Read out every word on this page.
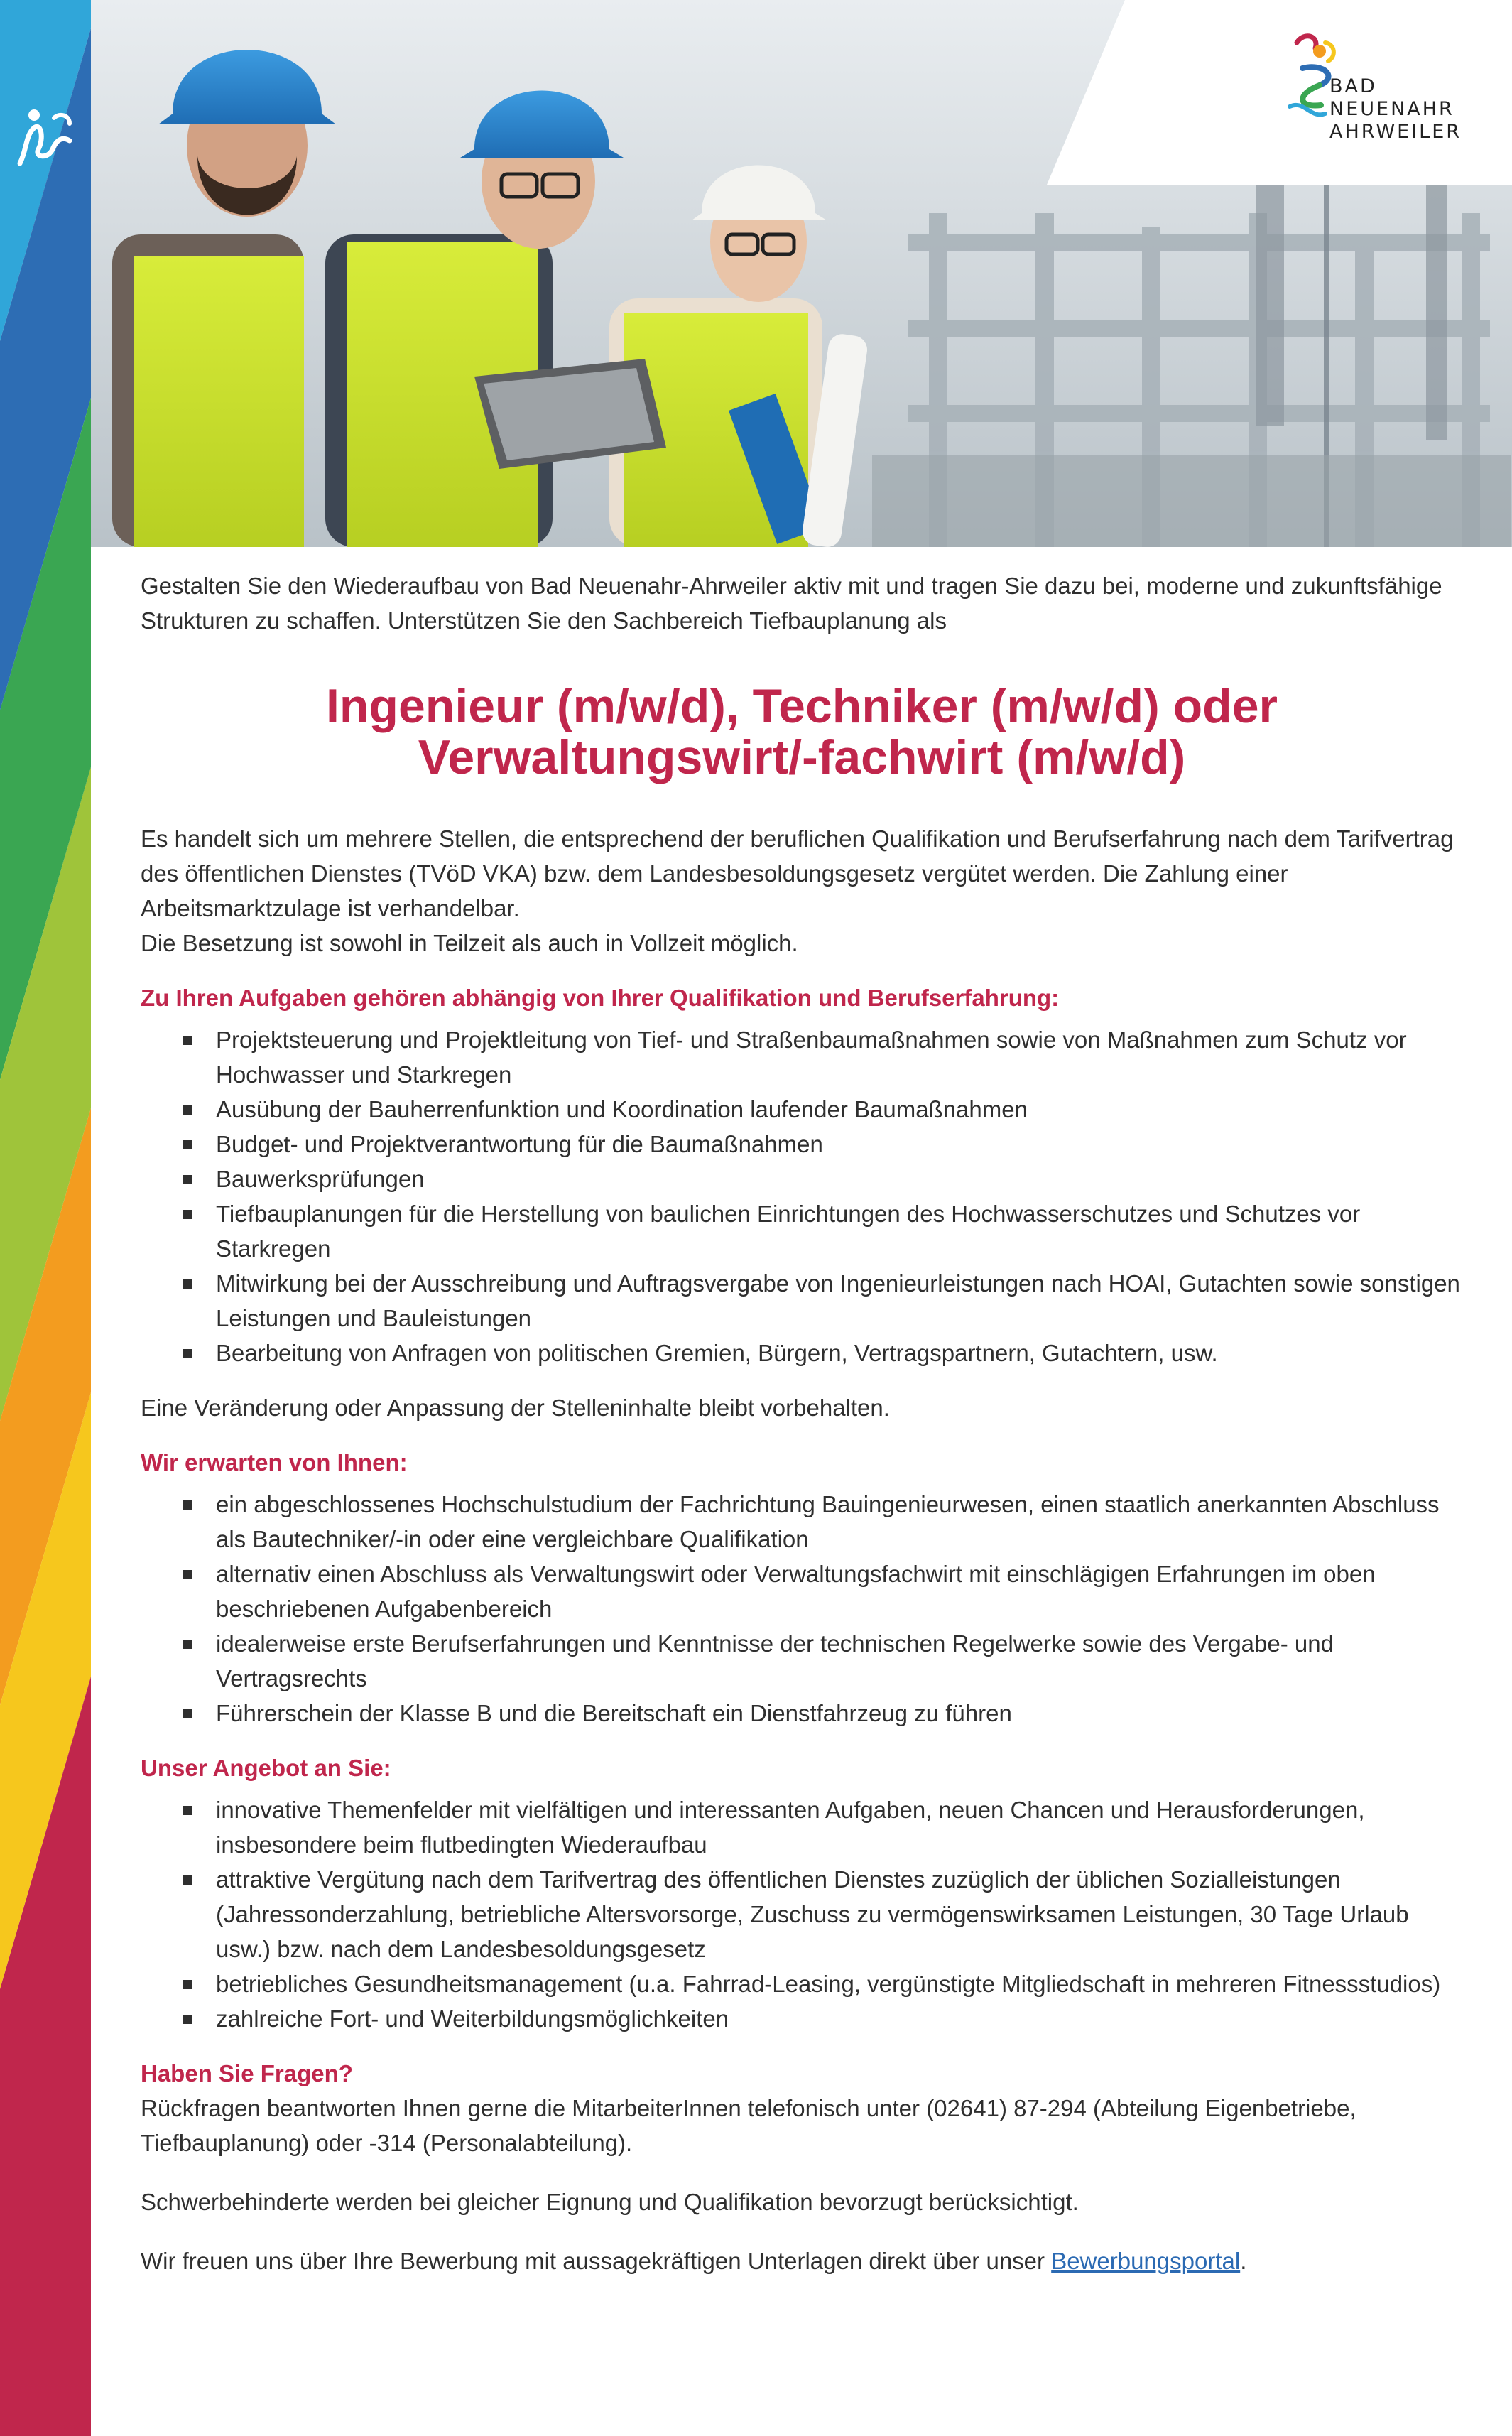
BAD
NEUENAHR
AHRWEILER

Gestalten Sie den Wiederaufbau von Bad Neuenahr-Ahrweiler aktiv mit und tragen Sie dazu bei, moderne und zukunftsfähige Strukturen zu schaffen. Unterstützen Sie den Sachbereich Tiefbauplanung als

Ingenieur (m/w/d), Techniker (m/w/d) oder
Verwaltungswirt/-fachwirt (m/w/d)

Es handelt sich um mehrere Stellen, die entsprechend der beruflichen Qualifikation und Berufserfahrung nach dem Tarifvertrag des öffentlichen Dienstes (TVöD VKA) bzw. dem Landesbesoldungsgesetz vergütet werden. Die Zahlung einer Arbeitsmarktzulage ist verhandelbar.

Die Besetzung ist sowohl in Teilzeit als auch in Vollzeit möglich.

Zu Ihren Aufgaben gehören abhängig von Ihrer Qualifikation und Berufserfahrung:

Projektsteuerung und Projektleitung von Tief- und Straßenbaumaßnahmen sowie von Maßnahmen zum Schutz vor Hochwasser und Starkregen
Ausübung der Bauherrenfunktion und Koordination laufender Baumaßnahmen
Budget- und Projektverantwortung für die Baumaßnahmen
Bauwerksprüfungen
Tiefbauplanungen für die Herstellung von baulichen Einrichtungen des Hochwasserschutzes und Schutzes vor Starkregen
Mitwirkung bei der Ausschreibung und Auftragsvergabe von Ingenieurleistungen nach HOAI, Gutachten sowie sonstigen Leistungen und Bauleistungen
Bearbeitung von Anfragen von politischen Gremien, Bürgern, Vertragspartnern, Gutachtern, usw.

Eine Veränderung oder Anpassung der Stelleninhalte bleibt vorbehalten.

Wir erwarten von Ihnen:

ein abgeschlossenes Hochschulstudium der Fachrichtung Bauingenieurwesen, einen staatlich anerkannten Abschluss als Bautechniker/-in oder eine vergleichbare Qualifikation
alternativ einen Abschluss als Verwaltungswirt oder Verwaltungsfachwirt mit einschlägigen Erfahrungen im oben beschriebenen Aufgabenbereich
idealerweise erste Berufserfahrungen und Kenntnisse der technischen Regelwerke sowie des Vergabe- und Vertragsrechts
Führerschein der Klasse B und die Bereitschaft ein Dienstfahrzeug zu führen

Unser Angebot an Sie:

innovative Themenfelder mit vielfältigen und interessanten Aufgaben, neuen Chancen und Herausforderungen, insbesondere beim flutbedingten Wiederaufbau
attraktive Vergütung nach dem Tarifvertrag des öffentlichen Dienstes zuzüglich der üblichen Sozialleistungen (Jahressonderzahlung, betriebliche Altersvorsorge, Zuschuss zu vermögenswirksamen Leistungen, 30 Tage Urlaub usw.) bzw. nach dem Landesbesoldungsgesetz
betriebliches Gesundheitsmanagement (u.a. Fahrrad-Leasing, vergünstigte Mitgliedschaft in mehreren Fitnessstudios)
zahlreiche Fort- und Weiterbildungsmöglichkeiten

Haben Sie Fragen?

Rückfragen beantworten Ihnen gerne die MitarbeiterInnen telefonisch unter (02641) 87-294 (Abteilung Eigenbetriebe, Tiefbauplanung) oder -314 (Personalabteilung).

Schwerbehinderte werden bei gleicher Eignung und Qualifikation bevorzugt berücksichtigt.

Wir freuen uns über Ihre Bewerbung mit aussagekräftigen Unterlagen direkt über unser Bewerbungsportal.
